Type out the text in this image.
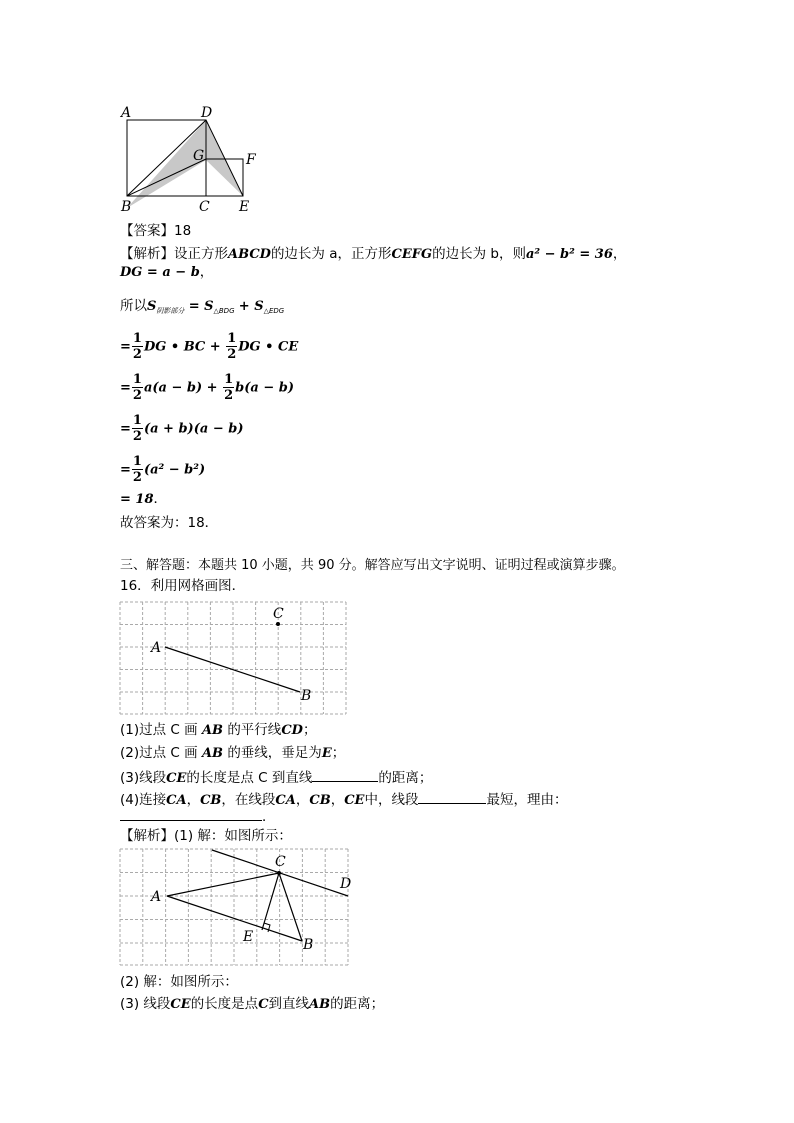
A	D
G	F
B	C E
【答案】18
【解析】设正方形ABCD的边长为 a，正方形CEFG的边长为 b，则a² − b² = 36，
DG = a − b，
所以$S_{阴影部分} = S_{\triangle BDG} + S_{\triangle EDG}$
= $\frac{1}{2}$ DG • BC + $\frac{1}{2}$ DG • CE
= $\frac{1}{2} a(a - b) + \frac{1}{2} b(a - b)$
= $\frac{1}{2} (a + b)(a - b)$
= $\frac{1}{2} (a^2 - b^2)$
= 18．
故答案为：18．
三、解答题：本题共 10 小题，共 90 分。解答应写出文字说明、证明过程或演算步骤。
16．利用网格画图．
A
B
C
(1)过点 C 画 AB 的平行线CD；
(2)过点 C 画 AB 的垂线，垂足为E；
(3)线段CE的长度是点 C 到直线	的距离；
(4)连接CA，CB，在线段CA，CB，CE中，线段	最短，理由：
．
【解析】(1) 解：如图所示：
A
B
C
D
E
(2) 解：如图所示：
(3) 线段CE的长度是点C到直线AB的距离；
